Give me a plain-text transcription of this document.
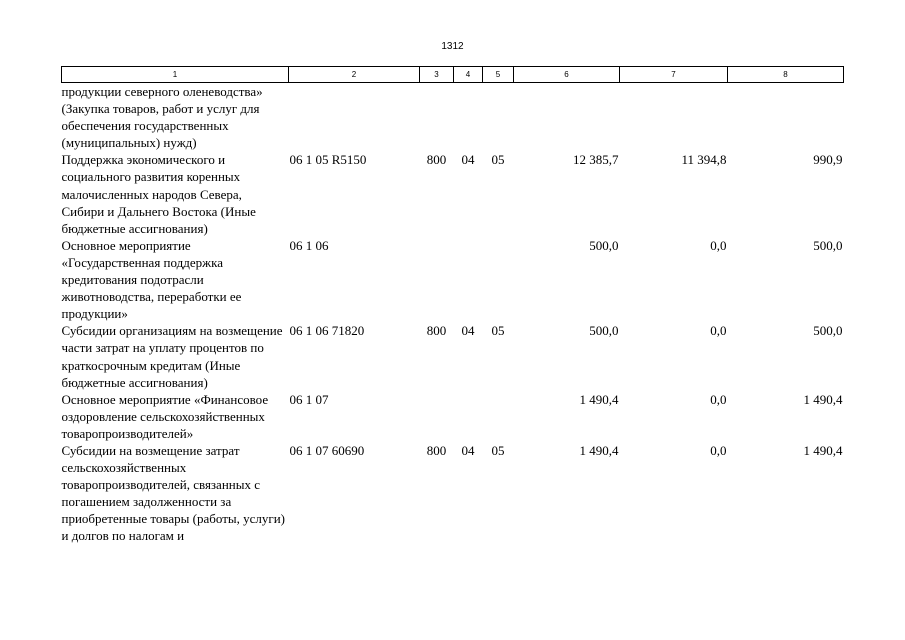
1312
1	2	3	4	5	6	7	8
продукции северного оленеводства» (Закупка товаров, работ и услуг для обеспечения государственных (муниципальных) нужд)							
Поддержка экономического и социального развития коренных малочисленных народов Севера, Сибири и Дальнего Востока (Иные бюджетные ассигнования)	06 1 05 R5150	800	04	05	12 385,7	11 394,8	990,9
Основное мероприятие «Государственная поддержка кредитования подотрасли животноводства, переработки ее продукции»	06 1 06				500,0	0,0	500,0
Субсидии организациям на возмещение части затрат на уплату процентов по краткосрочным кредитам (Иные бюджетные ассигнования)	06 1 06 71820	800	04	05	500,0	0,0	500,0
Основное мероприятие «Финансовое оздоровление сельскохозяйственных товаропроизводителей»	06 1 07				1 490,4	0,0	1 490,4
Субсидии на возмещение затрат сельскохозяйственных товаропроизводителей, связанных с погашением задолженности за приобретенные товары (работы, услуги) и долгов по налогам и	06 1 07 60690	800	04	05	1 490,4	0,0	1 490,4
